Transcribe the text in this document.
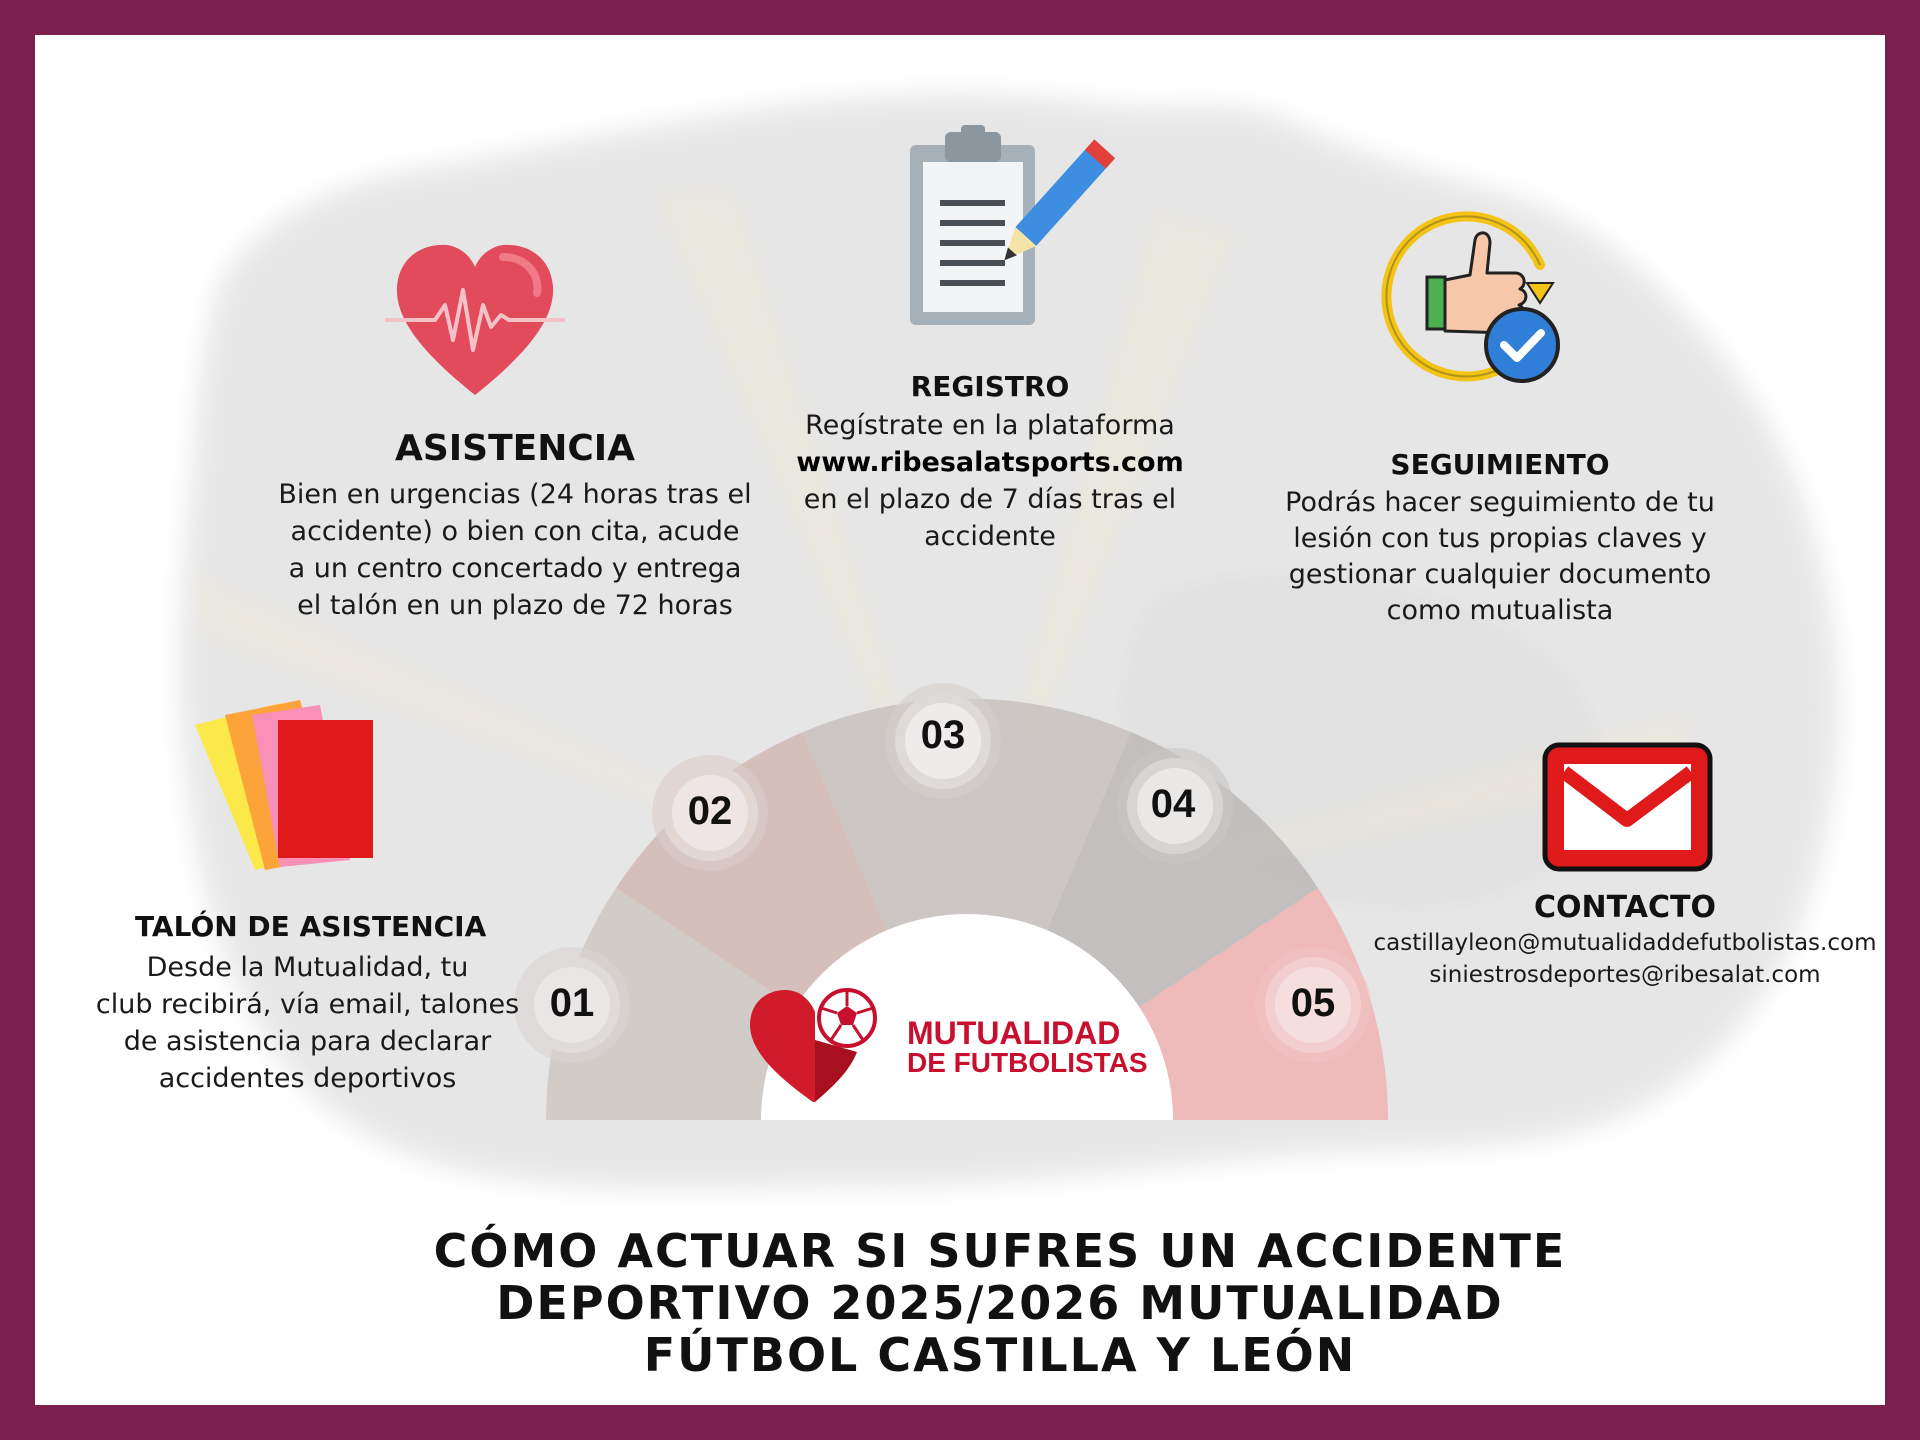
01
02
03
04
05
MUTUALIDAD
DE FUTBOLISTAS
TALÓN DE ASISTENCIA
Desde la Mutualidad, tu
club recibirá, vía email, talones
de asistencia para declarar
accidentes deportivos
ASISTENCIA
Bien en urgencias (24 horas tras el
accidente) o bien con cita, acude
a un centro concertado y entrega
el talón en un plazo de 72 horas
REGISTRO
Regístrate en la plataforma
www.ribesalatsports.com
en el plazo de 7 días tras el
accidente
SEGUIMIENTO
Podrás hacer seguimiento de tu
lesión con tus propias claves y
gestionar cualquier documento
como mutualista
CONTACTO
castillayleon@mutualidaddefutbolistas.com
siniestrosdeportes@ribesalat.com
CÓMO ACTUAR SI SUFRES UN ACCIDENTE
DEPORTIVO 2025/2026 MUTUALIDAD
FÚTBOL CASTILLA Y LEÓN
